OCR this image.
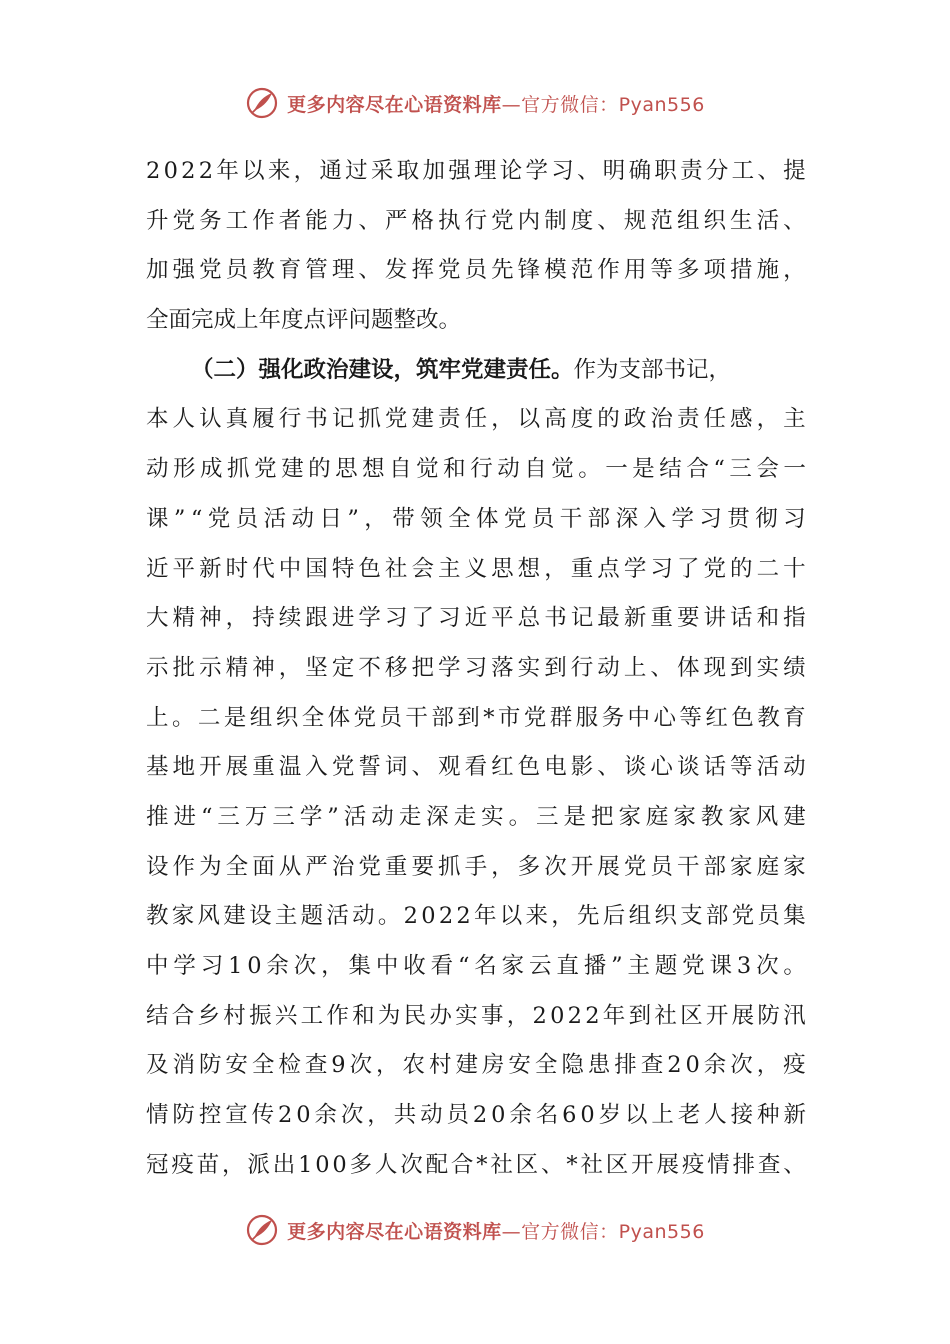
更多内容尽在心语资料库—官方微信：Pyan556
2 0 2 2 年 以 来 ， 通 过 采 取 加 强 理 论 学 习 、 明 确 职 责 分 工 、 提
升 党 务 工 作 者 能 力 、 严 格 执 行 党 内 制 度 、 规 范 组 织 生 活 、
加 强 党 员 教 育 管 理 、 发 挥 党 员 先 锋 模 范 作 用 等 多 项 措 施 ，
全面完成上年度点评问题整改。
（二）强化政治建设，筑牢党建责任。作为支部书记，
本 人 认 真 履 行 书 记 抓 党 建 责 任 ， 以 高 度 的 政 治 责 任 感 ， 主
动 形 成 抓 党 建 的 思 想 自 觉 和 行 动 自 觉 。 一 是 结 合 “ 三 会 一
课 ” “ 党 员 活 动 日 ” ， 带 领 全 体 党 员 干 部 深 入 学 习 贯 彻 习
近 平 新 时 代 中 国 特 色 社 会 主 义 思 想 ， 重 点 学 习 了 党 的 二 十
大 精 神 ， 持 续 跟 进 学 习 了 习 近 平 总 书 记 最 新 重 要 讲 话 和 指
示 批 示 精 神 ， 坚 定 不 移 把 学 习 落 实 到 行 动 上 、 体 现 到 实 绩
上 。 二 是 组 织 全 体 党 员 干 部 到 * 市 党 群 服 务 中 心 等 红 色 教 育
基 地 开 展 重 温 入 党 誓 词 、 观 看 红 色 电 影 、 谈 心 谈 话 等 活 动
推 进 “ 三 万 三 学 ” 活 动 走 深 走 实 。 三 是 把 家 庭 家 教 家 风 建
设 作 为 全 面 从 严 治 党 重 要 抓 手 ， 多 次 开 展 党 员 干 部 家 庭 家
教 家 风 建 设 主 题 活 动 。 2 0 2 2 年 以 来 ， 先 后 组 织 支 部 党 员 集
中 学 习 1 0 余 次 ， 集 中 收 看 “ 名 家 云 直 播 ” 主 题 党 课 3 次 。
结 合 乡 村 振 兴 工 作 和 为 民 办 实 事 ， 2 0 2 2 年 到 社 区 开 展 防 汛
及 消 防 安 全 检 查 9 次 ， 农 村 建 房 安 全 隐 患 排 查 2 0 余 次 ， 疫
情 防 控 宣 传 2 0 余 次 ， 共 动 员 2 0 余 名 6 0 岁 以 上 老 人 接 种 新
冠 疫 苗 ， 派 出 1 0 0 多 人 次 配 合 * 社 区 、 * 社 区 开 展 疫 情 排 查 、
更多内容尽在心语资料库—官方微信：Pyan556
